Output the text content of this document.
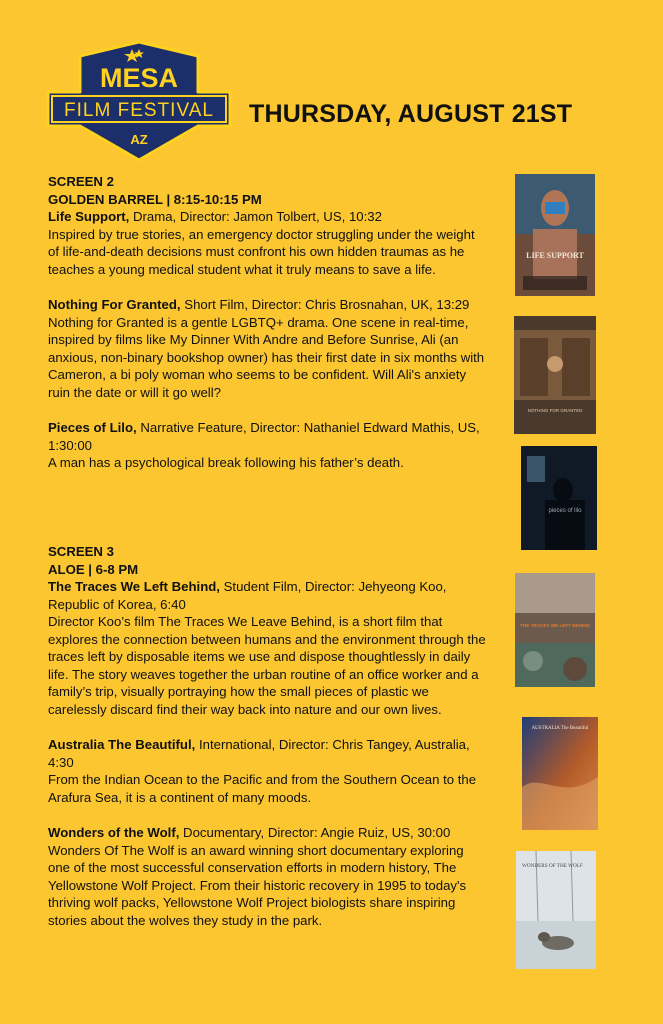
MESA
FILM FESTIVAL
AZ
THURSDAY, AUGUST 21ST
SCREEN 2
GOLDEN BARREL | 8:15-10:15 PM
Life Support, Drama, Director: Jamon Tolbert, US, 10:32
Inspired by true stories, an emergency doctor struggling under the weight of life-and-death decisions must confront his own hidden traumas as he teaches a young medical student what it truly means to save a life.
Nothing For Granted, Short Film, Director: Chris Brosnahan, UK, 13:29
Nothing for Granted is a gentle LGBTQ+ drama. One scene in real-time, inspired by films like My Dinner With Andre and Before Sunrise, Ali (an anxious, non-binary bookshop owner) has their first date in six months with Cameron, a bi poly woman who seems to be confident. Will Ali's anxiety ruin the date or will it go well?
Pieces of Lilo, Narrative Feature, Director: Nathaniel Edward Mathis, US, 1:30:00
A man has a psychological break following his father’s death.
SCREEN 3
ALOE | 6-8 PM
The Traces We Left Behind, Student Film, Director: Jehyeong Koo, Republic of Korea, 6:40
Director Koo’s film The Traces We Leave Behind, is a short film that explores the connection between humans and the environment through the traces left by disposable items we use and dispose thoughtlessly in daily life. The story weaves together the urban routine of an office worker and a family’s trip, visually portraying how the small pieces of plastic we carelessly discard find their way back into nature and our own lives.
Australia The Beautiful, International, Director: Chris Tangey, Australia, 4:30
From the Indian Ocean to the Pacific and from the Southern Ocean to the Arafura Sea, it is a continent of many moods.
Wonders of the Wolf, Documentary, Director: Angie Ruiz, US, 30:00
Wonders Of The Wolf is an award winning short documentary exploring one of the most successful conservation efforts in modern history, The Yellowstone Wolf Project. From their historic recovery in 1995 to today's thriving wolf packs, Yellowstone Wolf Project biologists share inspiring stories about the wolves they study in the park.
LIFE SUPPORT
NOTHING FOR GRANTED
pieces of lilo
THE TRACES WE LEFT BEHIND
AUSTRALIA The Beautiful
WONDERS OF THE WOLF
